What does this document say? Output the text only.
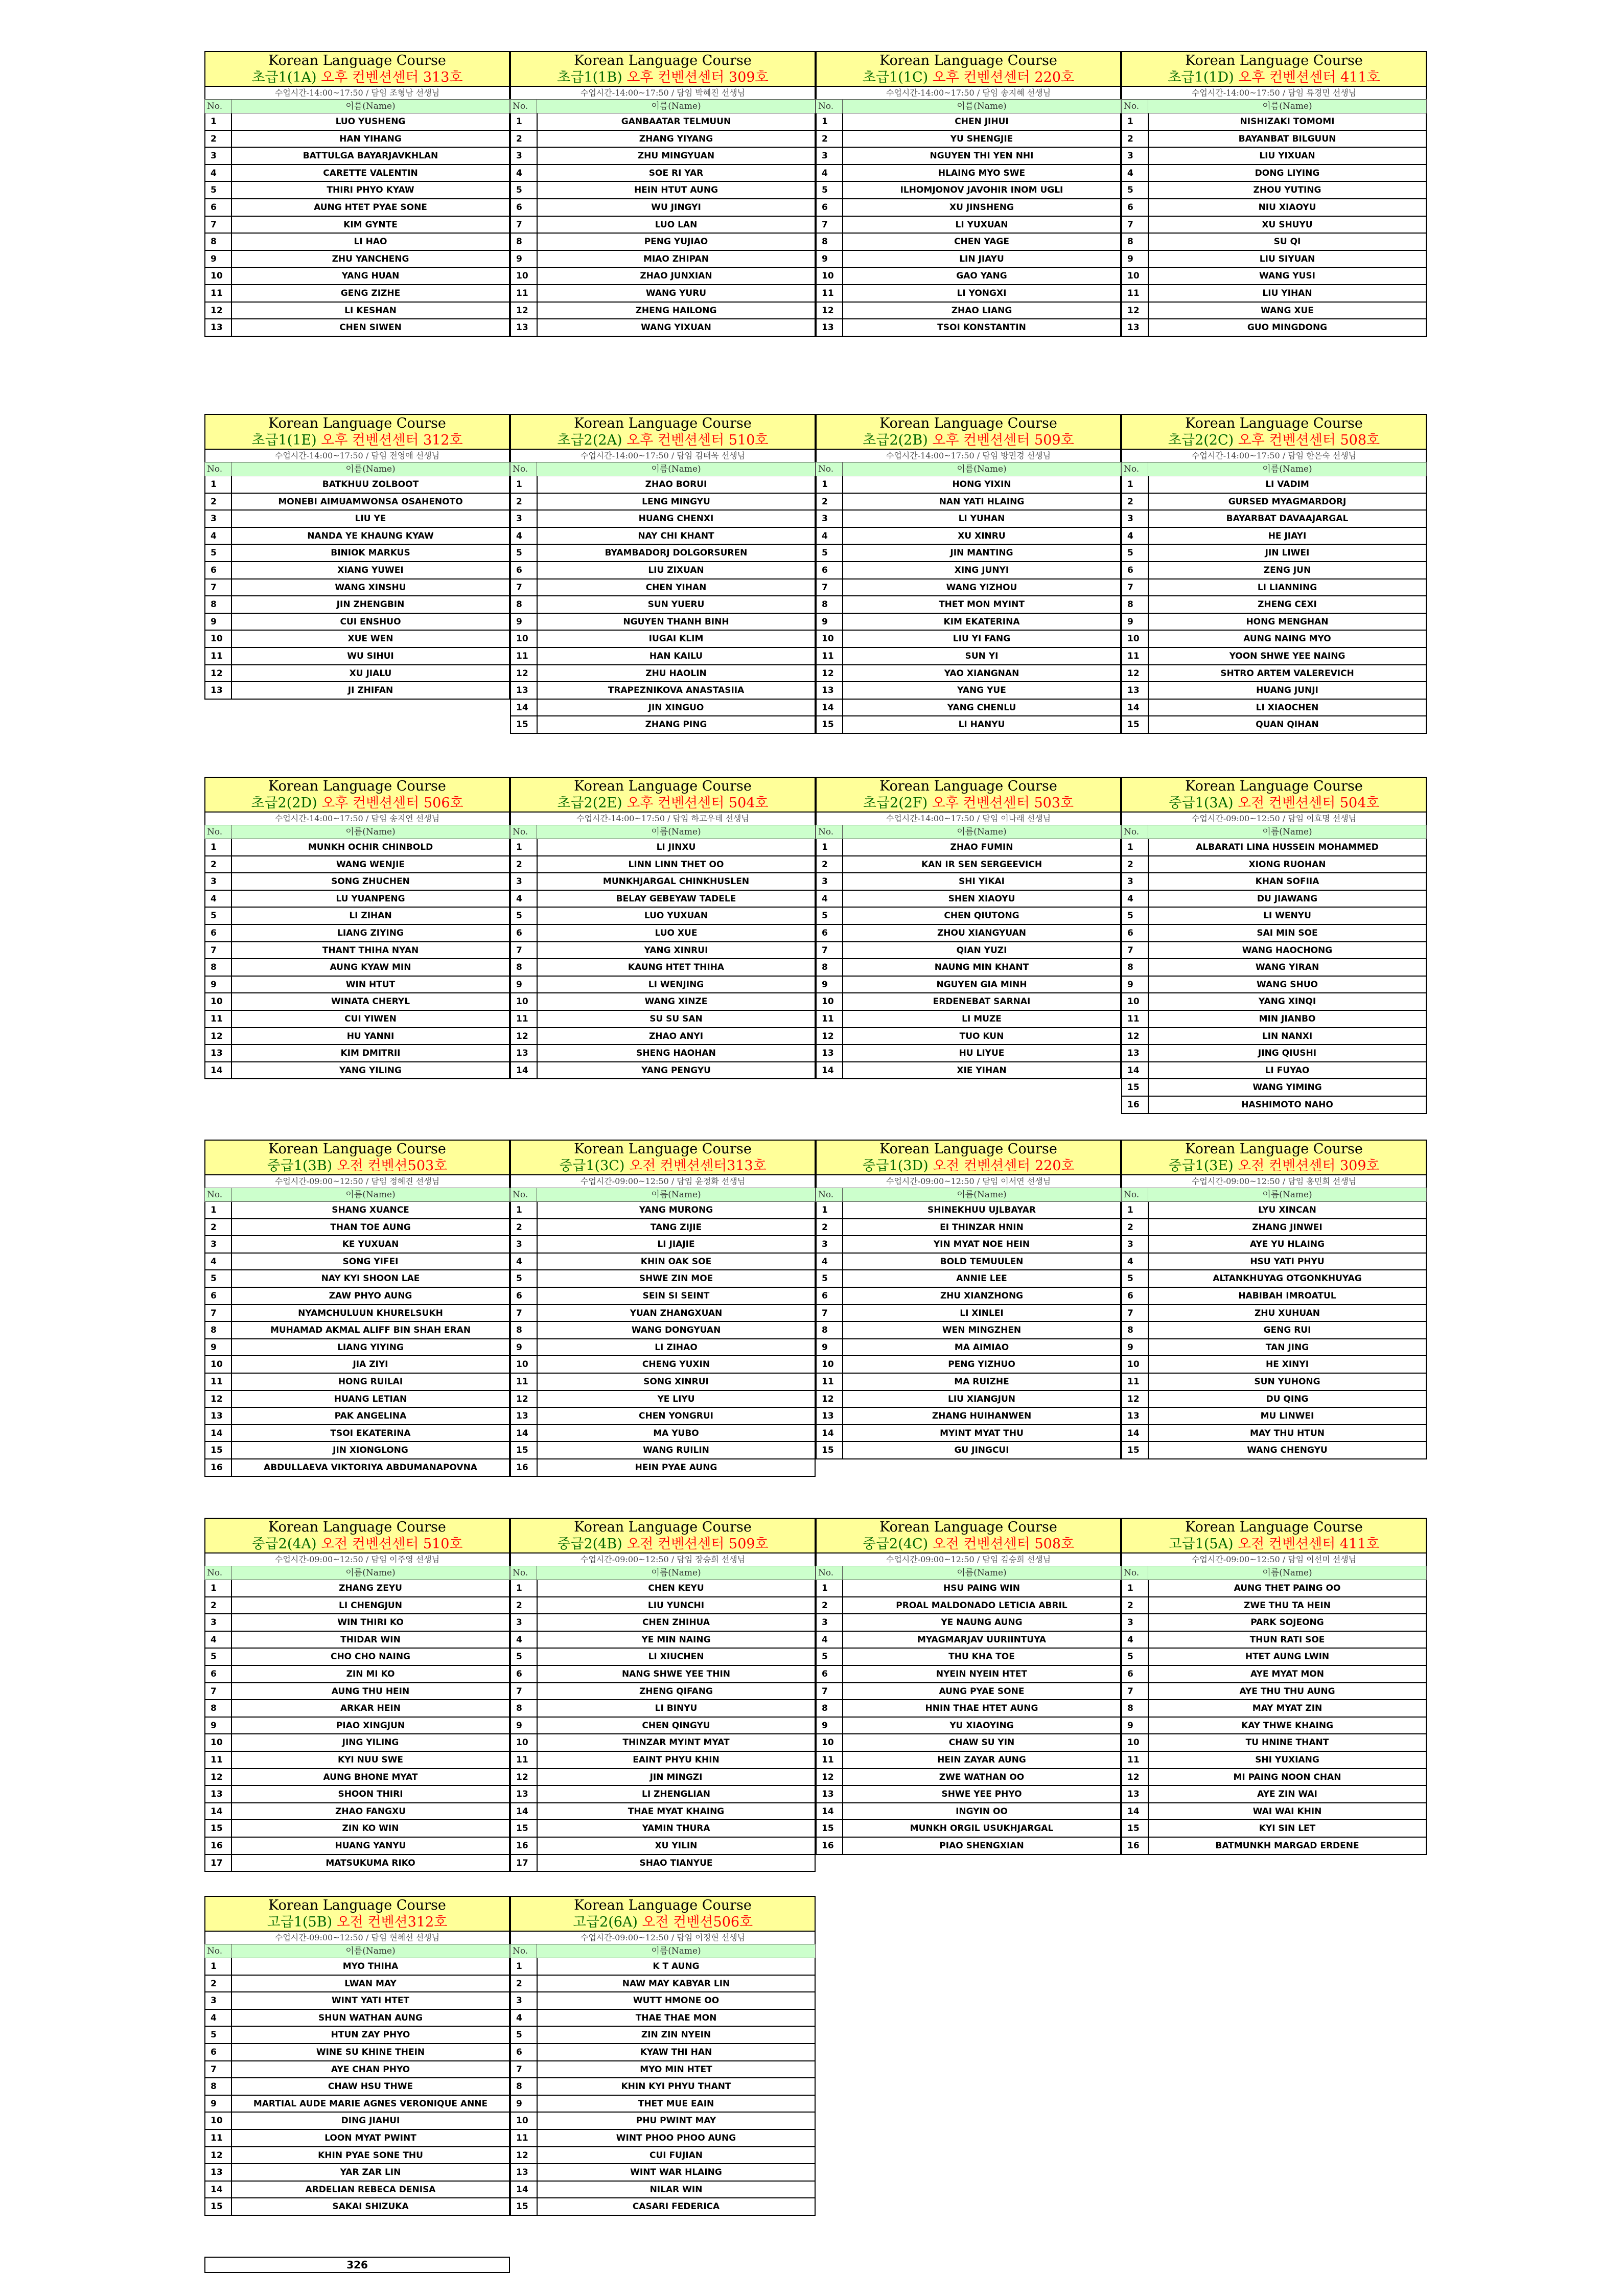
Korean Language Course
초급1(1A) 오후 컨벤션센터 313호
수업시간-14:00~17:50 / 담임 조형남 선생님
No.	이름(Name)
1	LUO YUSHENG
2	HAN YIHANG
3	BATTULGA BAYARJAVKHLAN
4	CARETTE VALENTIN
5	THIRI PHYO KYAW
6	AUNG HTET PYAE SONE
7	KIM GYNTE
8	LI HAO
9	ZHU YANCHENG
10	YANG HUAN
11	GENG ZIZHE
12	LI KESHAN
13	CHEN SIWEN
Korean Language Course
초급1(1B) 오후 컨벤션센터 309호
수업시간-14:00~17:50 / 담임 박혜진 선생님
No.	이름(Name)
1	GANBAATAR TELMUUN
2	ZHANG YIYANG
3	ZHU MINGYUAN
4	SOE RI YAR
5	HEIN HTUT AUNG
6	WU JINGYI
7	LUO LAN
8	PENG YUJIAO
9	MIAO ZHIPAN
10	ZHAO JUNXIAN
11	WANG YURU
12	ZHENG HAILONG
13	WANG YIXUAN
Korean Language Course
초급1(1C) 오후 컨벤션센터 220호
수업시간-14:00~17:50 / 담임 송지혜 선생님
No.	이름(Name)
1	CHEN JIHUI
2	YU SHENGJIE
3	NGUYEN THI YEN NHI
4	HLAING MYO SWE
5	ILHOMJONOV JAVOHIR INOM UGLI
6	XU JINSHENG
7	LI YUXUAN
8	CHEN YAGE
9	LIN JIAYU
10	GAO YANG
11	LI YONGXI
12	ZHAO LIANG
13	TSOI KONSTANTIN
Korean Language Course
초급1(1D) 오후 컨벤션센터 411호
수업시간-14:00~17:50 / 담임 류경민 선생님
No.	이름(Name)
1	NISHIZAKI TOMOMI
2	BAYANBAT BILGUUN
3	LIU YIXUAN
4	DONG LIYING
5	ZHOU YUTING
6	NIU XIAOYU
7	XU SHUYU
8	SU QI
9	LIU SIYUAN
10	WANG YUSI
11	LIU YIHAN
12	WANG XUE
13	GUO MINGDONG
Korean Language Course
초급1(1E) 오후 컨벤션센터 312호
수업시간-14:00~17:50 / 담임 전영애 선생님
No.	이름(Name)
1	BATKHUU ZOLBOOT
2	MONEBI AIMUAMWONSA OSAHENOTO
3	LIU YE
4	NANDA YE KHAUNG KYAW
5	BINIOK MARKUS
6	XIANG YUWEI
7	WANG XINSHU
8	JIN ZHENGBIN
9	CUI ENSHUO
10	XUE WEN
11	WU SIHUI
12	XU JIALU
13	JI ZHIFAN
Korean Language Course
초급2(2A) 오후 컨벤션센터 510호
수업시간-14:00~17:50 / 담임 김태욱 선생님
No.	이름(Name)
1	ZHAO BORUI
2	LENG MINGYU
3	HUANG CHENXI
4	NAY CHI KHANT
5	BYAMBADORJ DOLGORSUREN
6	LIU ZIXUAN
7	CHEN YIHAN
8	SUN YUERU
9	NGUYEN THANH BINH
10	IUGAI KLIM
11	HAN KAILU
12	ZHU HAOLIN
13	TRAPEZNIKOVA ANASTASIIA
14	JIN XINGUO
15	ZHANG PING
Korean Language Course
초급2(2B) 오후 컨벤션센터 509호
수업시간-14:00~17:50 / 담임 방민경 선생님
No.	이름(Name)
1	HONG YIXIN
2	NAN YATI HLAING
3	LI YUHAN
4	XU XINRU
5	JIN MANTING
6	XING JUNYI
7	WANG YIZHOU
8	THET MON MYINT
9	KIM EKATERINA
10	LIU YI FANG
11	SUN YI
12	YAO XIANGNAN
13	YANG YUE
14	YANG CHENLU
15	LI HANYU
Korean Language Course
초급2(2C) 오후 컨벤션센터 508호
수업시간-14:00~17:50 / 담임 한은숙 선생님
No.	이름(Name)
1	LI VADIM
2	GURSED MYAGMARDORJ
3	BAYARBAT DAVAAJARGAL
4	HE JIAYI
5	JIN LIWEI
6	ZENG JUN
7	LI LIANNING
8	ZHENG CEXI
9	HONG MENGHAN
10	AUNG NAING MYO
11	YOON SHWE YEE NAING
12	SHTRO ARTEM VALEREVICH
13	HUANG JUNJI
14	LI XIAOCHEN
15	QUAN QIHAN
Korean Language Course
초급2(2D) 오후 컨벤션센터 506호
수업시간-14:00~17:50 / 담임 송지연 선생님
No.	이름(Name)
1	MUNKH OCHIR CHINBOLD
2	WANG WENJIE
3	SONG ZHUCHEN
4	LU YUANPENG
5	LI ZIHAN
6	LIANG ZIYING
7	THANT THIHA NYAN
8	AUNG KYAW MIN
9	WIN HTUT
10	WINATA CHERYL
11	CUI YIWEN
12	HU YANNI
13	KIM DMITRII
14	YANG YILING
Korean Language Course
초급2(2E) 오후 컨벤션센터 504호
수업시간-14:00~17:50 / 담임 하고우테 선생님
No.	이름(Name)
1	LI JINXU
2	LINN LINN THET OO
3	MUNKHJARGAL CHINKHUSLEN
4	BELAY GEBEYAW TADELE
5	LUO YUXUAN
6	LUO XUE
7	YANG XINRUI
8	KAUNG HTET THIHA
9	LI WENJING
10	WANG XINZE
11	SU SU SAN
12	ZHAO ANYI
13	SHENG HAOHAN
14	YANG PENGYU
Korean Language Course
초급2(2F) 오후 컨벤션센터 503호
수업시간-14:00~17:50 / 담임 이나래 선생님
No.	이름(Name)
1	ZHAO FUMIN
2	KAN IR SEN SERGEEVICH
3	SHI YIKAI
4	SHEN XIAOYU
5	CHEN QIUTONG
6	ZHOU XIANGYUAN
7	QIAN YUZI
8	NAUNG MIN KHANT
9	NGUYEN GIA MINH
10	ERDENEBAT SARNAI
11	LI MUZE
12	TUO KUN
13	HU LIYUE
14	XIE YIHAN
Korean Language Course
중급1(3A) 오전 컨벤션센터 504호
수업시간-09:00~12:50 / 담임 이효명 선생님
No.	이름(Name)
1	ALBARATI LINA HUSSEIN MOHAMMED
2	XIONG RUOHAN
3	KHAN SOFIIA
4	DU JIAWANG
5	LI WENYU
6	SAI MIN SOE
7	WANG HAOCHONG
8	WANG YIRAN
9	WANG SHUO
10	YANG XINQI
11	MIN JIANBO
12	LIN NANXI
13	JING QIUSHI
14	LI FUYAO
15	WANG YIMING
16	HASHIMOTO NAHO
Korean Language Course
중급1(3B) 오전 컨벤션503호
수업시간-09:00~12:50 / 담임 정혜진 선생님
No.	이름(Name)
1	SHANG XUANCE
2	THAN TOE AUNG
3	KE YUXUAN
4	SONG YIFEI
5	NAY KYI SHOON LAE
6	ZAW PHYO AUNG
7	NYAMCHULUUN KHURELSUKH
8	MUHAMAD AKMAL ALIFF BIN SHAH ERAN
9	LIANG YIYING
10	JIA ZIYI
11	HONG RUILAI
12	HUANG LETIAN
13	PAK ANGELINA
14	TSOI EKATERINA
15	JIN XIONGLONG
16	ABDULLAEVA VIKTORIYA ABDUMANAPOVNA
Korean Language Course
중급1(3C) 오전 컨벤션센터313호
수업시간-09:00~12:50 / 담임 윤정화 선생님
No.	이름(Name)
1	YANG MURONG
2	TANG ZIJIE
3	LI JIAJIE
4	KHIN OAK SOE
5	SHWE ZIN MOE
6	SEIN SI SEINT
7	YUAN ZHANGXUAN
8	WANG DONGYUAN
9	LI ZIHAO
10	CHENG YUXIN
11	SONG XINRUI
12	YE LIYU
13	CHEN YONGRUI
14	MA YUBO
15	WANG RUILIN
16	HEIN PYAE AUNG
Korean Language Course
중급1(3D) 오전 컨벤션센터 220호
수업시간-09:00~12:50 / 담임 이서연 선생님
No.	이름(Name)
1	SHINEKHUU UJLBAYAR
2	EI THINZAR HNIN
3	YIN MYAT NOE HEIN
4	BOLD TEMUULEN
5	ANNIE LEE
6	ZHU XIANZHONG
7	LI XINLEI
8	WEN MINGZHEN
9	MA AIMIAO
10	PENG YIZHUO
11	MA RUIZHE
12	LIU XIANGJUN
13	ZHANG HUIHANWEN
14	MYINT MYAT THU
15	GU JINGCUI
Korean Language Course
중급1(3E) 오전 컨벤션센터 309호
수업시간-09:00~12:50 / 담임 홍민희 선생님
No.	이름(Name)
1	LYU XINCAN
2	ZHANG JINWEI
3	AYE YU HLAING
4	HSU YATI PHYU
5	ALTANKHUYAG OTGONKHUYAG
6	HABIBAH IMROATUL
7	ZHU XUHUAN
8	GENG RUI
9	TAN JING
10	HE XINYI
11	SUN YUHONG
12	DU QING
13	MU LINWEI
14	MAY THU HTUN
15	WANG CHENGYU
Korean Language Course
중급2(4A) 오전 컨벤션센터 510호
수업시간-09:00~12:50 / 담임 이주영 선생님
No.	이름(Name)
1	ZHANG ZEYU
2	LI CHENGJUN
3	WIN THIRI KO
4	THIDAR WIN
5	CHO CHO NAING
6	ZIN MI KO
7	AUNG THU HEIN
8	ARKAR HEIN
9	PIAO XINGJUN
10	JING YILING
11	KYI NUU SWE
12	AUNG BHONE MYAT
13	SHOON THIRI
14	ZHAO FANGXU
15	ZIN KO WIN
16	HUANG YANYU
17	MATSUKUMA RIKO
Korean Language Course
중급2(4B) 오전 컨벤션센터 509호
수업시간-09:00~12:50 / 담임 장승희 선생님
No.	이름(Name)
1	CHEN KEYU
2	LIU YUNCHI
3	CHEN ZHIHUA
4	YE MIN NAING
5	LI XIUCHEN
6	NANG SHWE YEE THIN
7	ZHENG QIFANG
8	LI BINYU
9	CHEN QINGYU
10	THINZAR MYINT MYAT
11	EAINT PHYU KHIN
12	JIN MINGZI
13	LI ZHENGLIAN
14	THAE MYAT KHAING
15	YAMIN THURA
16	XU YILIN
17	SHAO TIANYUE
Korean Language Course
중급2(4C) 오전 컨벤션센터 508호
수업시간-09:00~12:50 / 담임 김승희 선생님
No.	이름(Name)
1	HSU PAING WIN
2	PROAL MALDONADO LETICIA ABRIL
3	YE NAUNG AUNG
4	MYAGMARJAV UURIINTUYA
5	THU KHA TOE
6	NYEIN NYEIN HTET
7	AUNG PYAE SONE
8	HNIN THAE HTET AUNG
9	YU XIAOYING
10	CHAW SU YIN
11	HEIN ZAYAR AUNG
12	ZWE WATHAN OO
13	SHWE YEE PHYO
14	INGYIN OO
15	MUNKH ORGIL USUKHJARGAL
16	PIAO SHENGXIAN
Korean Language Course
고급1(5A) 오전 컨벤션센터 411호
수업시간-09:00~12:50 / 담임 이선미 선생님
No.	이름(Name)
1	AUNG THET PAING OO
2	ZWE THU TA HEIN
3	PARK SOJEONG
4	THUN RATI SOE
5	HTET AUNG LWIN
6	AYE MYAT MON
7	AYE THU THU AUNG
8	MAY MYAT ZIN
9	KAY THWE KHAING
10	TU HNINE THANT
11	SHI YUXIANG
12	MI PAING NOON CHAN
13	AYE ZIN WAI
14	WAI WAI KHIN
15	KYI SIN LET
16	BATMUNKH MARGAD ERDENE
Korean Language Course
고급1(5B) 오전 컨벤션312호
수업시간-09:00~12:50 / 담임 현혜선 선생님
No.	이름(Name)
1	MYO THIHA
2	LWAN MAY
3	WINT YATI HTET
4	SHUN WATHAN AUNG
5	HTUN ZAY PHYO
6	WINE SU KHINE THEIN
7	AYE CHAN PHYO
8	CHAW HSU THWE
9	MARTIAL AUDE MARIE AGNES VERONIQUE ANNE
10	DING JIAHUI
11	LOON MYAT PWINT
12	KHIN PYAE SONE THU
13	YAR ZAR LIN
14	ARDELIAN REBECA DENISA
15	SAKAI SHIZUKA
Korean Language Course
고급2(6A) 오전 컨벤션506호
수업시간-09:00~12:50 / 담임 이정현 선생님
No.	이름(Name)
1	K T AUNG
2	NAW MAY KABYAR LIN
3	WUTT HMONE OO
4	THAE THAE MON
5	ZIN ZIN NYEIN
6	KYAW THI HAN
7	MYO MIN HTET
8	KHIN KYI PHYU THANT
9	THET MUE EAIN
10	PHU PWINT MAY
11	WINT PHOO PHOO AUNG
12	CUI FUJIAN
13	WINT WAR HLAING
14	NILAR WIN
15	CASARI FEDERICA
326
